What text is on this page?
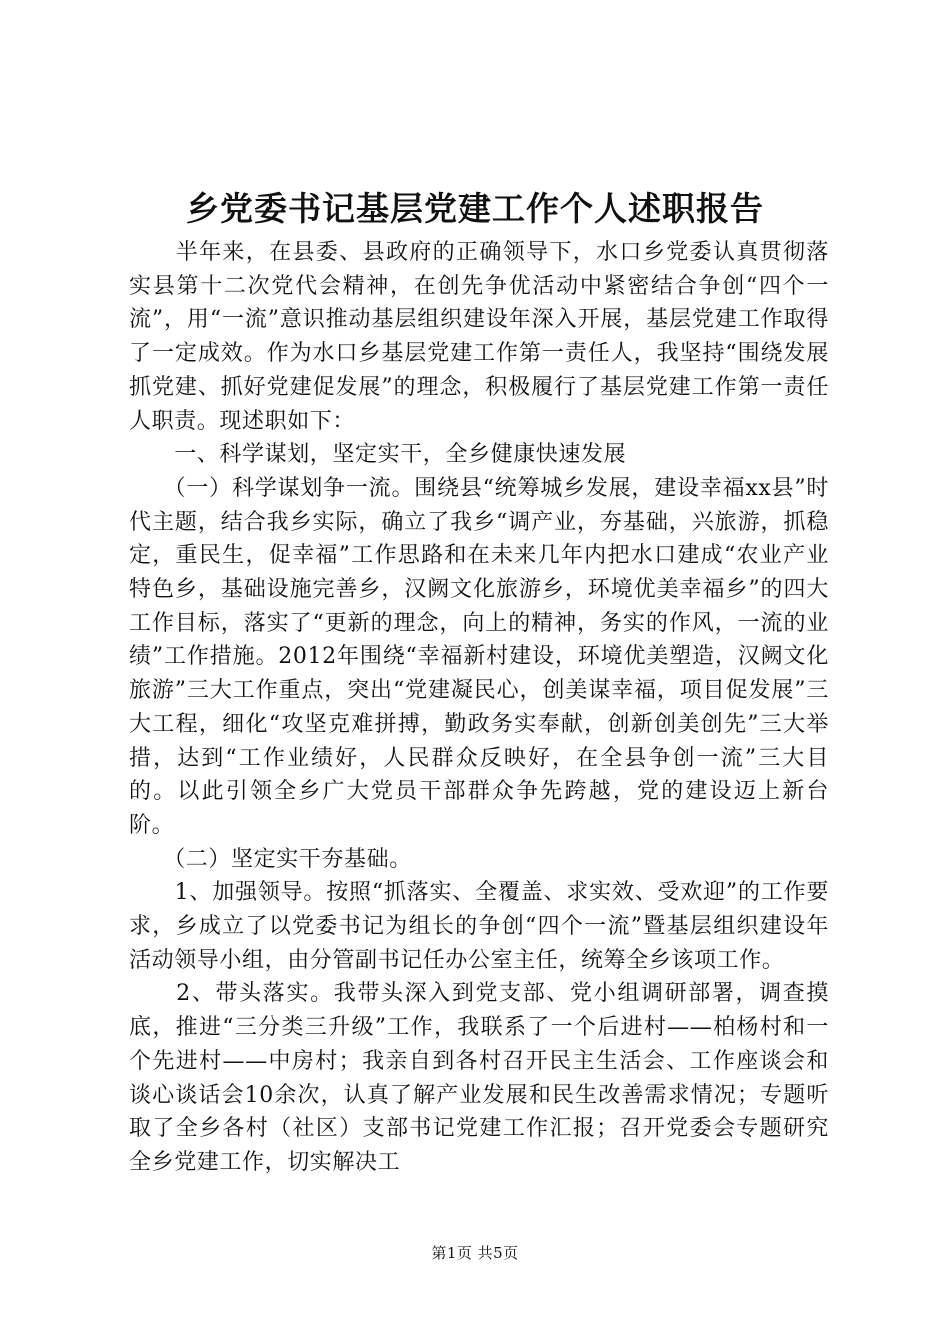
乡党委书记基层党建工作个人述职报告

　　半年来，在县委、县政府的正确领导下，水口乡党委认真贯彻落实县第十二次党代会精神，在创先争优活动中紧密结合争创“四个一流”，用“一流”意识推动基层组织建设年深入开展，基层党建工作取得了一定成效。作为水口乡基层党建工作第一责任人，我坚持“围绕发展抓党建、抓好党建促发展”的理念，积极履行了基层党建工作第一责任人职责。现述职如下：

　　一、科学谋划，坚定实干，全乡健康快速发展

　　（一）科学谋划争一流。围绕县“统筹城乡发展，建设幸福xx县”时代主题，结合我乡实际，确立了我乡“调产业，夯基础，兴旅游，抓稳定，重民生，促幸福”工作思路和在未来几年内把水口建成“农业产业特色乡，基础设施完善乡，汉阙文化旅游乡，环境优美幸福乡”的四大工作目标，落实了“更新的理念，向上的精神，务实的作风，一流的业绩”工作措施。2012年围绕“幸福新村建设，环境优美塑造，汉阙文化旅游”三大工作重点，突出“党建凝民心，创美谋幸福，项目促发展”三大工程，细化“攻坚克难拼搏，勤政务实奉献，创新创美创先”三大举措，达到“工作业绩好，人民群众反映好，在全县争创一流”三大目的。以此引领全乡广大党员干部群众争先跨越，党的建设迈上新台阶。

　　（二）坚定实干夯基础。

　　1、加强领导。按照“抓落实、全覆盖、求实效、受欢迎”的工作要求，乡成立了以党委书记为组长的争创“四个一流”暨基层组织建设年活动领导小组，由分管副书记任办公室主任，统筹全乡该项工作。

　　2、带头落实。我带头深入到党支部、党小组调研部署，调查摸底，推进“三分类三升级”工作，我联系了一个后进村——柏杨村和一个先进村——中房村；我亲自到各村召开民主生活会、工作座谈会和谈心谈话会10余次，认真了解产业发展和民生改善需求情况；专题听取了全乡各村（社区）支部书记党建工作汇报；召开党委会专题研究全乡党建工作，切实解决工

第1页 共5页
